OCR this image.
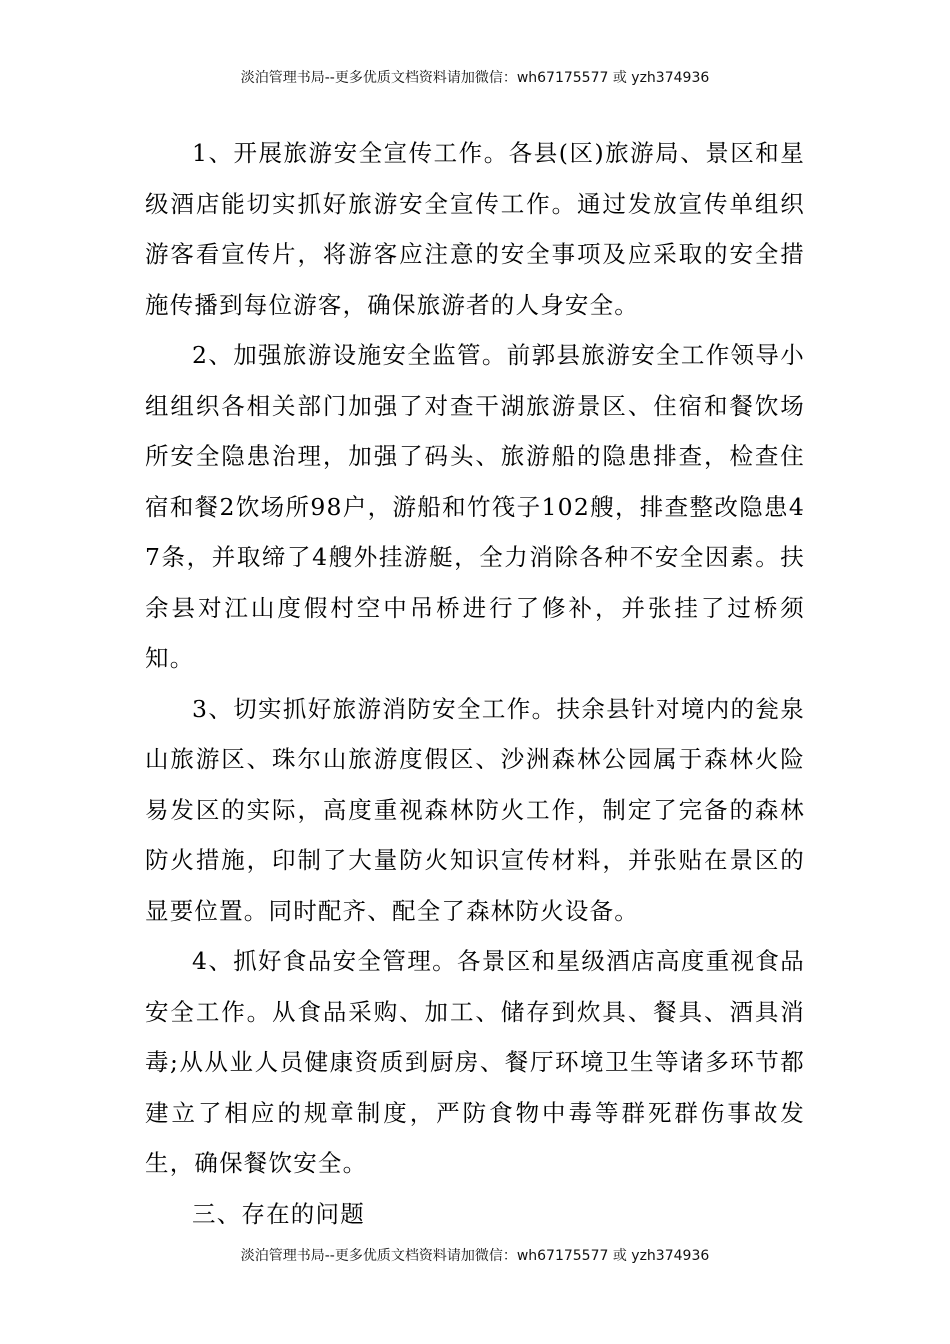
淡泊管理书局--更多优质文档资料请加微信：wh67175577 或 yzh374936

1、开展旅游安全宣传工作。各县(区)旅游局、景区和星级酒店能切实抓好旅游安全宣传工作。通过发放宣传单组织游客看宣传片，将游客应注意的安全事项及应采取的安全措施传播到每位游客，确保旅游者的人身安全。

2、加强旅游设施安全监管。前郭县旅游安全工作领导小组组织各相关部门加强了对查干湖旅游景区、住宿和餐饮场所安全隐患治理，加强了码头、旅游船的隐患排查，检查住宿和餐2饮场所98户，游船和竹筏子102艘，排查整改隐患47条，并取缔了4艘外挂游艇，全力消除各种不安全因素。扶余县对江山度假村空中吊桥进行了修补，并张挂了过桥须知。

3、切实抓好旅游消防安全工作。扶余县针对境内的瓮泉山旅游区、珠尔山旅游度假区、沙洲森林公园属于森林火险易发区的实际，高度重视森林防火工作，制定了完备的森林防火措施，印制了大量防火知识宣传材料，并张贴在景区的显要位置。同时配齐、配全了森林防火设备。

4、抓好食品安全管理。各景区和星级酒店高度重视食品安全工作。从食品采购、加工、储存到炊具、餐具、酒具消毒;从从业人员健康资质到厨房、餐厅环境卫生等诸多环节都建立了相应的规章制度，严防食物中毒等群死群伤事故发生，确保餐饮安全。

三、存在的问题

淡泊管理书局--更多优质文档资料请加微信：wh67175577 或 yzh374936
